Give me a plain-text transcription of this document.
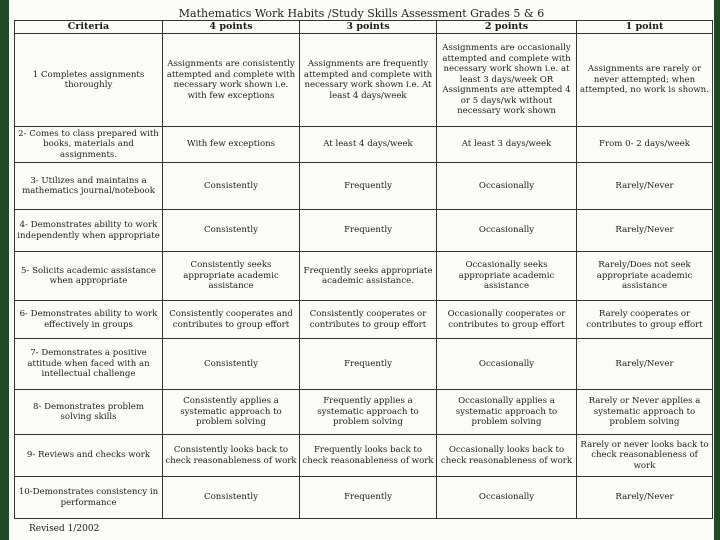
Mathematics Work Habits /Study Skills Assessment Grades 5 & 6
Criteria	4 points	3 points	2 points	1 point
1 Completes assignments thoroughly	Assignments are consistently attempted and complete with necessary work shown i.e. with few exceptions	Assignments are frequently attempted and complete with necessary work shown i.e. At least 4 days/week	Assignments are occasionally attempted and complete with necessary work shown i.e. at least 3 days/week OR Assignments are attempted 4 or 5 days/wk without necessary work shown	Assignments are rarely or never attempted; when attempted, no work is shown.
2- Comes to class prepared with books, materials and assignments.	With few exceptions	At least 4 days/week	At least 3 days/week	From 0- 2 days/week
3- Utilizes and maintains a mathematics journal/notebook	Consistently	Frequently	Occasionally	Rarely/Never
4- Demonstrates ability to work independently when appropriate	Consistently	Frequently	Occasionally	Rarely/Never
5- Solicits academic assistance when appropriate	Consistently seeks appropriate academic assistance	Frequently seeks appropriate academic assistance.	Occasionally seeks appropriate academic assistance	Rarely/Does not seek appropriate academic assistance
6- Demonstrates ability to work effectively in groups	Consistently cooperates and contributes to group effort	Consistently cooperates or contributes to group effort	Occasionally cooperates or contributes to group effort	Rarely cooperates or contributes to group effort
7- Demonstrates a positive attitude when faced with an intellectual challenge	Consistently	Frequently	Occasionally	Rarely/Never
8- Demonstrates problem solving skills	Consistently applies a systematic approach to problem solving	Frequently applies a systematic approach to problem solving	Occasionally applies a systematic approach to problem solving	Rarely or Never applies a systematic approach to problem solving
9- Reviews and checks work	Consistently looks back to check reasonableness of work	Frequently looks back to check reasonableness of work	Occasionally looks back to check reasonableness of work	Rarely or never looks back to check reasonableness of work
10-Demonstrates consistency in performance	Consistently	Frequently	Occasionally	Rarely/Never
Revised 1/2002
